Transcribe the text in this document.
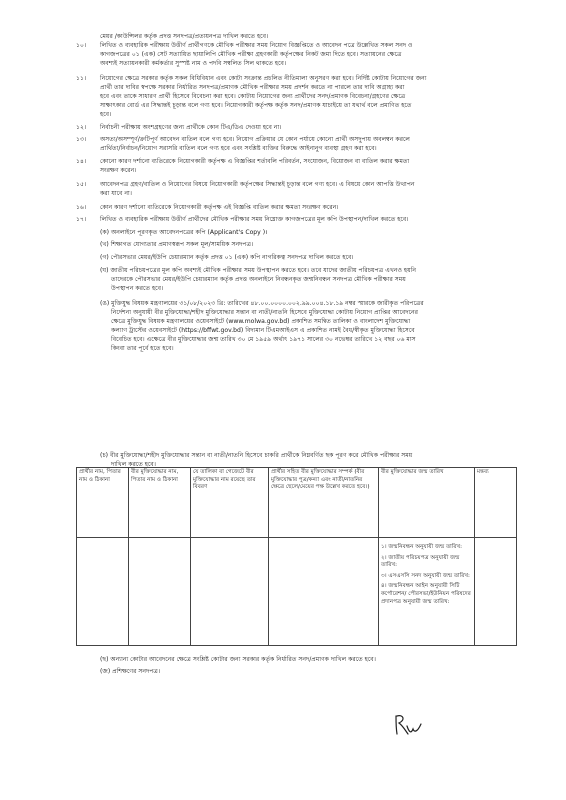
মেয়র /কাউন্সিলর কর্তৃক প্রদত্ত সনদপত্র/প্রত্যয়নপত্র দাখিল করতে হবে।
১০। লিখিত ও ব্যবহারিক পরীক্ষায় উত্তীর্ণ প্রার্থীগণকে মৌখিক পরীক্ষার সময় নিয়োগ বিজ্ঞপ্তিতে ও আবেদন পত্রে উল্লেখিত সকল সনদ ও
কাগজপত্রের ০১ (এক) সেট সত্যায়িত ছায়ালিপি মৌখিক পরীক্ষা গ্রহণকারী কর্তৃপক্ষের নিকট জমা দিতে হবে। সত্যায়নের ক্ষেত্রে
অবশ্যই সত্যায়নকারী কর্মকর্তার সুস্পষ্ট নাম ও পদবি সম্বলিত সিল থাকতে হবে।
১১। নিয়োগের ক্ষেত্রে সরকার কর্তৃক সকল বিধিবিধান এবং কোটা সংক্রান্ত প্রচলিত নীতিমালা অনুসরণ করা হবে। নির্দিষ্ট কোটায় নিয়োগের জন্য
প্রার্থী তার দাবির স্বপক্ষে সরকার নির্ধারিত সনদপত্র/প্রমাণক মৌখিক পরীক্ষার সময় প্রদর্শন করতে না পারলে তার দাবি অগ্রাহ্য করা
হবে এবং তাকে সাধারণ প্রার্থী হিসেবে বিবেচনা করা হবে। কোটায় নিয়োগের জন্য প্রার্থীদের সনদ/প্রমাণক বিবেচনা/গ্রহণের ক্ষেত্রে
সাক্ষাৎকার বোর্ড এর সিদ্ধান্তই চূড়ান্ত বলে গণ্য হবে। নিয়োগকারী কর্তৃপক্ষ কর্তৃক সনদ/প্রমাণক যাচাইয়ে তা যথার্থ বলে প্রমাণিত হতে
হবে।
১২। নির্বাচনী পরীক্ষায় অংশগ্রহণের জন্য প্রার্থীকে কোন টিএ/ডিএ দেওয়া হবে না।
১৩। অসত্য/অসম্পূর্ণ/ক্রটিপূর্ণ আবেদন বাতিল বলে গণ্য হবে। নিয়োগ প্রক্রিয়ার যে কোন পর্যায়ে কোনো প্রার্থী অসদুপায় অবলম্বন করলে
প্রার্থিতা/নির্বাচন/নিয়োগ সরাসরি বাতিল বলে গণ্য হবে এবং সংশ্লিষ্ট ব্যক্তির বিরুদ্ধে আইনানুগ ব্যবস্থা গ্রহণ করা হবে।
১৪। কোনো কারণ দর্শানো ব্যতিরেকে নিয়োগকারী কর্তৃপক্ষ এ বিজ্ঞপ্তির শর্তাবলি পরিবর্তন, সংযোজন, বিয়োজন বা বাতিল করার ক্ষমতা
সংরক্ষণ করেন।
১৫। আবেদনপত্র গ্রহণ/বাতিল ও নিয়োগের বিষয়ে নিয়োগকারী কর্তৃপক্ষের সিদ্ধান্তই চূড়ান্ত বলে গণ্য হবে। এ বিষয়ে কোন আপত্তি উত্থাপন
করা যাবে না।
১৬। কোন কারণ দর্শানো ব্যতিরেকে নিয়োগকারী কর্তৃপক্ষ এই বিজ্ঞপ্তি বাতিল করার ক্ষমতা সংরক্ষণ করেন।
১৭। লিখিত ও ব্যবহারিক পরীক্ষায় উত্তীর্ণ প্রার্থীদের মৌখিক পরীক্ষার সময় নিম্নোক্ত কাগজপত্রের মূল কপি উপস্থাপন/দাখিল করতে হবে।
(ক) অনলাইনে পূরণকৃত আবেদনপত্রের কপি (Applicant's Copy )।
(খ) শিক্ষাগত যোগ্যতার প্রমাণস্বরূপ সকল মূল/সাময়িক সনদপত্র।
(গ) পৌরসভার মেয়র/ইউপি চেয়ারম্যান কর্তৃক প্রদত্ত ০১ (এক) কপি নাগরিকত্ব সনদপত্র দাখিল করতে হবে।
(ঘ) জাতীয় পরিচয়পত্রের মূল কপি অবশ্যই মৌখিক পরীক্ষার সময় উপস্থাপন করতে হবে। তবে যাদের জাতীয় পরিচয়পত্র এখনও হয়নি
তাদেরকে পৌরসভার মেয়র/ইউপি চেয়ারম্যান কর্তৃক প্রদত্ত অনলাইনে নিবন্ধনকৃত জন্মনিবন্ধন সনদপত্র মৌখিক পরীক্ষার সময়
উপস্থাপন করতে হবে।
(ঙ) মুক্তিযুদ্ধ বিষয়ক মন্ত্রণালয়ের ৩১/০৮/২০২৩ খ্রি: তারিখের ৪৮.০০.০০০০.০০২.৯৯.০০৪.১৮.১৯ নম্বর স্মারকে জারীকৃত পরিপত্রের
নির্দেশনা অনুযায়ী বীর মুক্তিযোদ্ধা/শহীদ মুক্তিযোদ্ধার সন্তান বা নাতী/নাতনি হিসেবে মুক্তিযোদ্ধা কোটায় নিয়োগ প্রাপ্তির আবেদনের
ক্ষেত্রে মুক্তিযুদ্ধ বিষয়ক মন্ত্রণালয়ের ওয়েবসাইটে (www.molwa.gov.bd) প্রকাশিত সমন্বিত তালিকা ও বাংলাদেশ মুক্তিযোদ্ধা
কল্যাণ ট্রাস্টের ওয়েবসাইটে (https://bffwt.gov.bd) বিদ্যমান টিএমআইএস এ প্রকাশিত নামই বৈধ/স্বীকৃত মুক্তিযোদ্ধা হিসেবে
বিবেচিত হবে। এক্ষেত্রে বীর মুক্তিযোদ্ধার জন্ম তারিখ ৩০ মে ১৯৫৯ অর্থাৎ ১৯৭১ সালের ৩০ নভেম্বর তারিখে ১২ বছর ০৬ মাস
কিংবা তার পূর্বে হতে হবে।
(চ) বীর মুক্তিযোদ্ধা/শহীদ মুক্তিযোদ্ধার সন্তান বা নাতী/নাতনি হিসেবে চাকরি প্রার্থীকে নিম্নবর্ণিত ছক পূরণ করে মৌখিক পরীক্ষার সময়
দাখিল করতে হবে।
প্রার্থীর নাম, পিতার নাম ও ঠিকানা	বীর মুক্তিযোদ্ধার নাম, পিতার নাম ও ঠিকানা	যে তালিকা বা গেজেটে বীর মুক্তিযোদ্ধার নাম রয়েছে তার বিবরণ	প্রার্থীর সহিত বীর মুক্তিযোদ্ধার সম্পর্ক (বীর মুক্তিযোদ্ধার পুত্র/কন্যা এবং নাতী/নাতনির ক্ষেত্রে ছেলে/মেয়ের পক্ষ উল্লেখ করতে হবে।)	বীর মুক্তিযোদ্ধার জন্ম তারিখ	মন্তব্য

				১। জন্মনিবন্ধন অনুযায়ী জন্ম তারিখ:
২। জাতীয় পরিচয়পত্র অনুযায়ী জন্ম তারিখ:
৩। এসএসসি সনদ অনুযায়ী জন্ম তারিখ:
৪। জন্মনিবন্ধন আইন অনুযায়ী সিটি কর্পোরেশন/ পৌরসভা/ইউনিয়ন পরিষদের প্রদানপত্র অনুযায়ী জন্ম তারিখ:	

(ছ) অন্যান্য কোটার আবেদনের ক্ষেত্রে সংশ্লিষ্ট কোটার জন্য সরকার কর্তৃক নির্ধারিত সনদ/প্রমাণক দাখিল করতে হবে।
(জ) প্রশিক্ষণের সনদপত্র।
